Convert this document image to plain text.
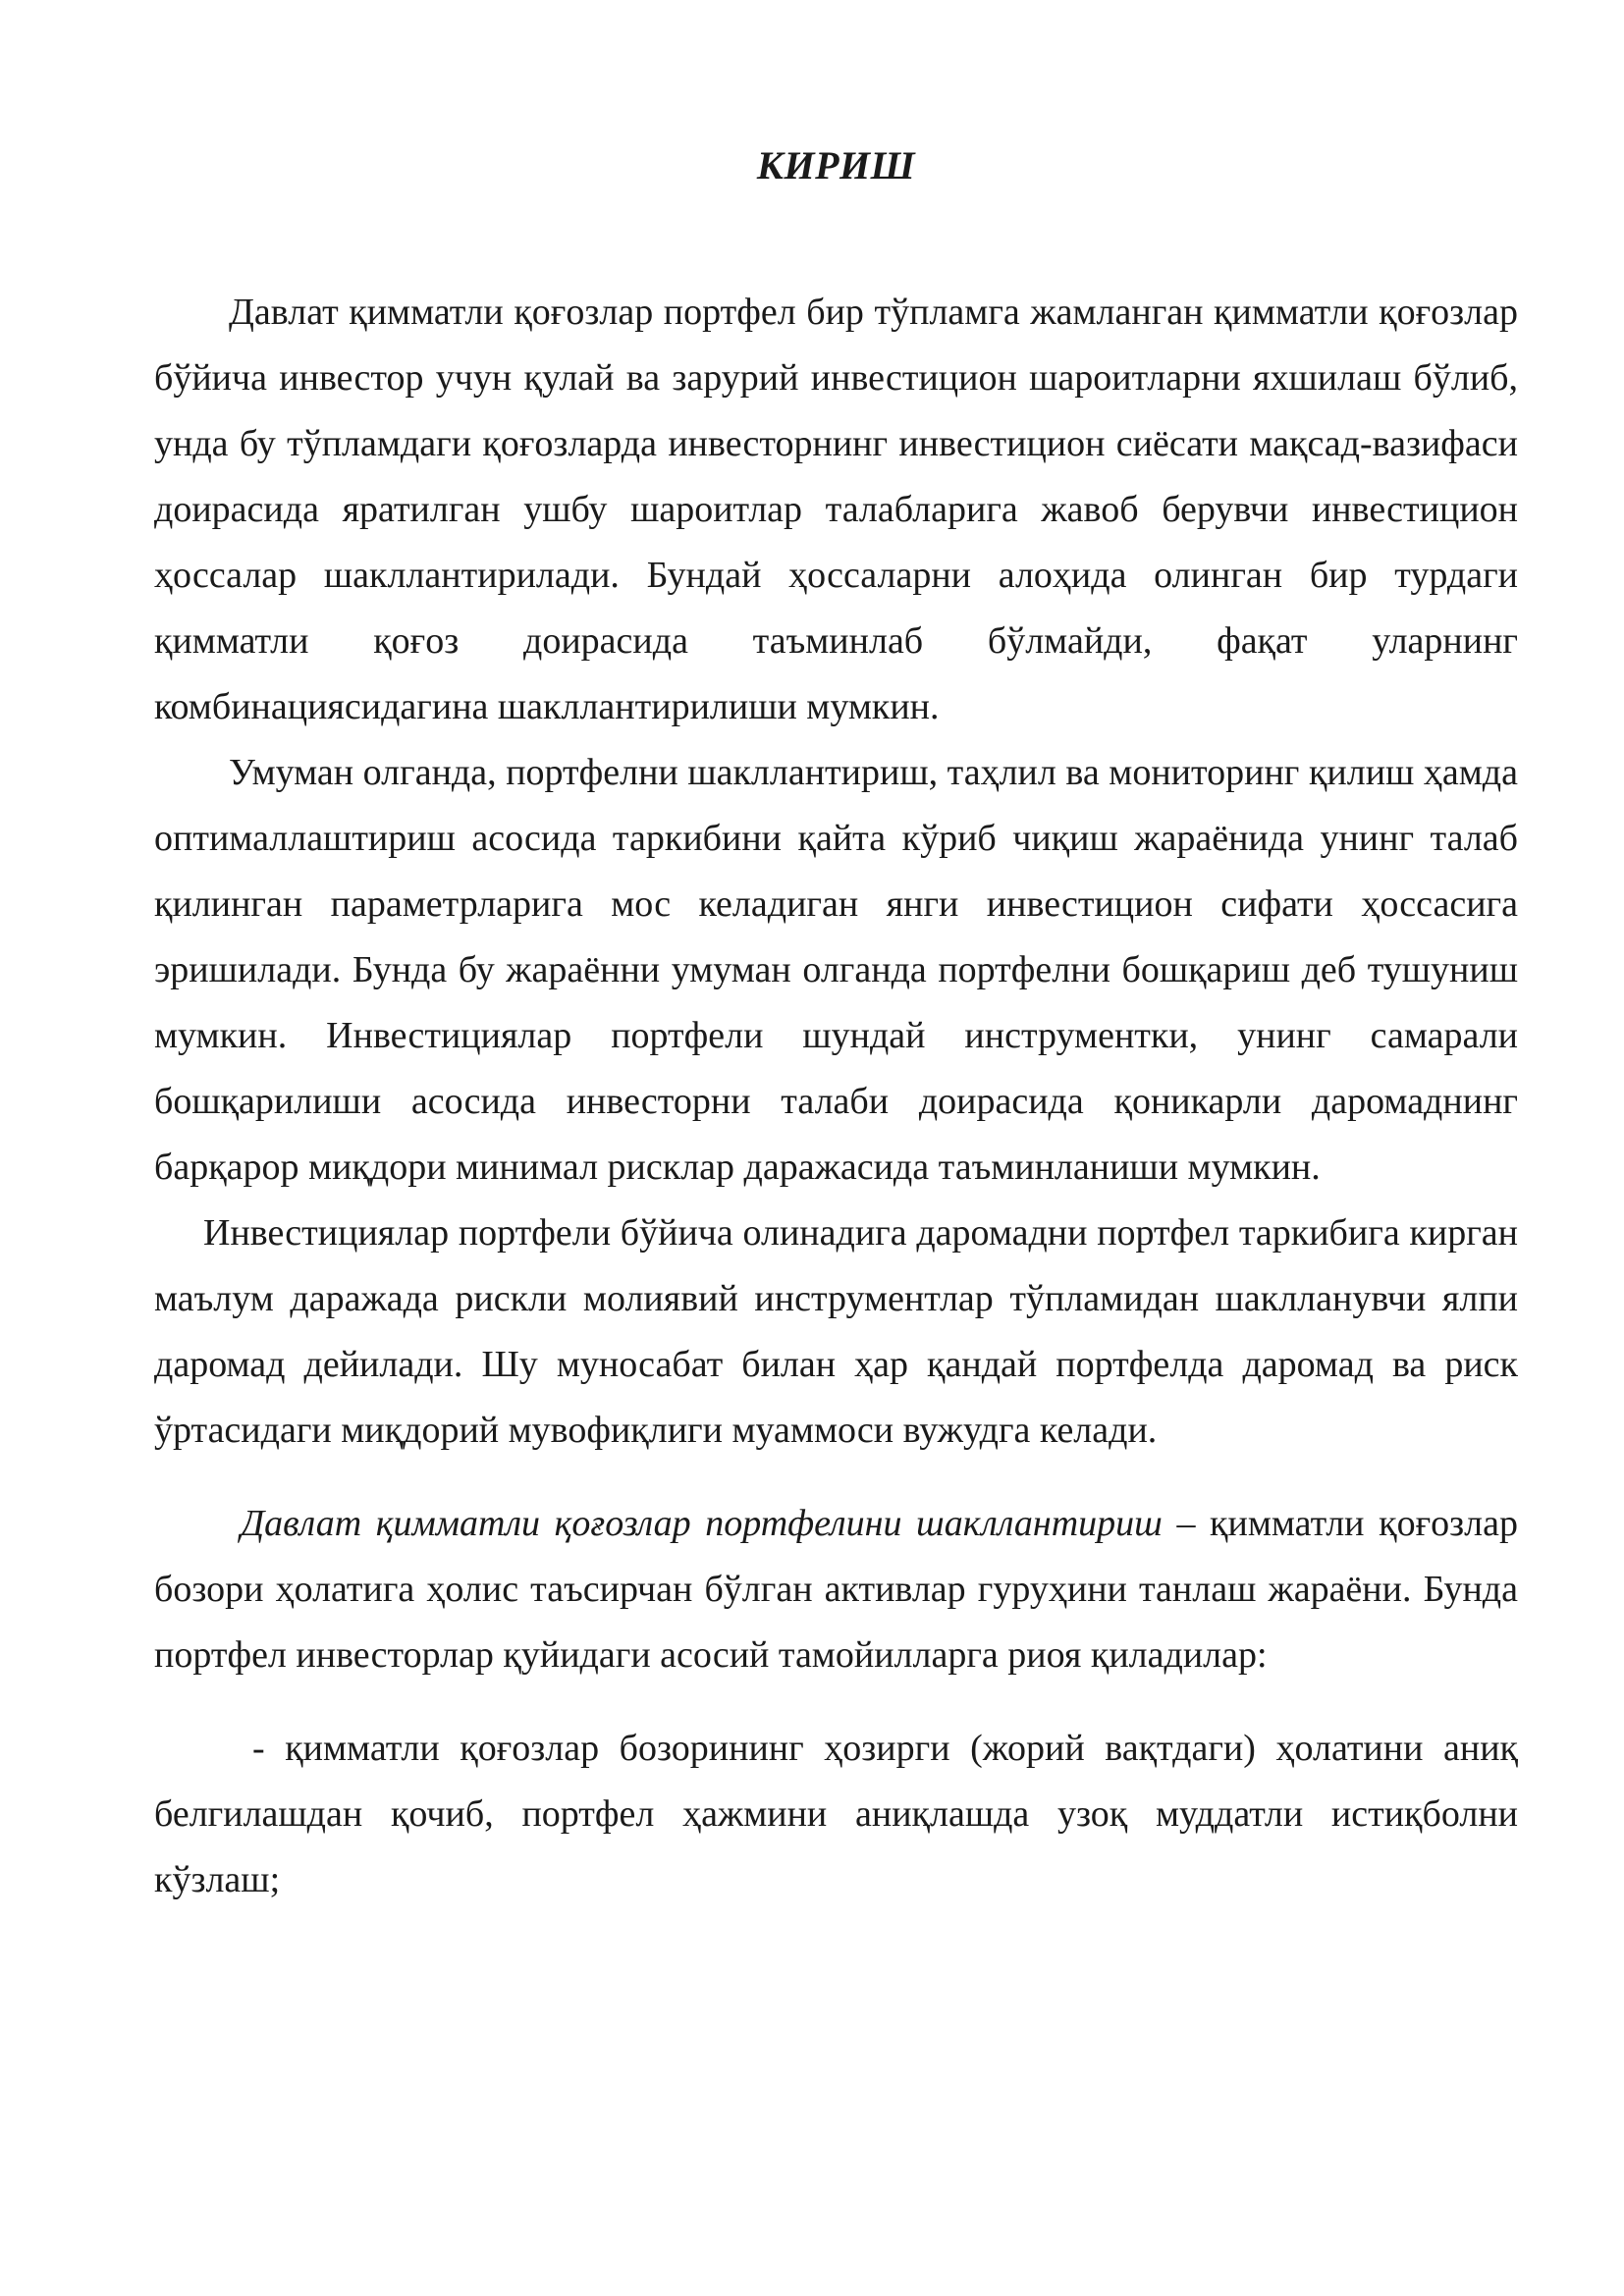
КИРИШ

Давлат қимматли қоғозлар портфел бир тўпламга жамланган қимматли қоғозлар бўйича инвестор учун қулай ва зарурий инвестицион шароитларни яхшилаш бўлиб, унда бу тўпламдаги қоғозларда инвесторнинг инвестицион сиёсати мақсад-вазифаси доирасида яратилган ушбу шароитлар талабларига жавоб берувчи инвестицион ҳоссалар шакллантирилади. Бундай ҳоссаларни алоҳида олинган бир турдаги қимматли қоғоз доирасида таъминлаб бўлмайди, фақат уларнинг комбинациясидагина шакллантирилиши мумкин.

Умуман олганда, портфелни шакллантириш, таҳлил ва мониторинг қилиш ҳамда оптималлаштириш асосида таркибини қайта кўриб чиқиш жараёнида унинг талаб қилинган параметрларига мос келадиган янги инвестицион сифати ҳоссасига эришилади. Бунда бу жараённи умуман олганда портфелни бошқариш деб тушуниш мумкин. Инвестициялар портфели шундай инструментки, унинг самарали бошқарилиши асосида инвесторни талаби доирасида қоникарли даромаднинг барқарор миқдори минимал рисклар даражасида таъминланиши мумкин.

Инвестициялар портфели бўйича олинадига даромадни портфел таркибига кирган маълум даражада рискли молиявий инструментлар тўпламидан шаклланувчи ялпи даромад дейилади. Шу муносабат билан ҳар қандай портфелда даромад ва риск ўртасидаги миқдорий мувофиқлиги муаммоси вужудга келади.

Давлат қимматли қоғозлар портфелини шакллантириш – қимматли қоғозлар бозори ҳолатига ҳолис таъсирчан бўлган активлар гуруҳини танлаш жараёни. Бунда портфел инвесторлар қуйидаги асосий тамойилларга риоя қиладилар:

- қимматли қоғозлар бозорининг ҳозирги (жорий вақтдаги) ҳолатини аниқ белгилашдан қочиб, портфел ҳажмини аниқлашда узоқ муддатли истиқболни кўзлаш;
